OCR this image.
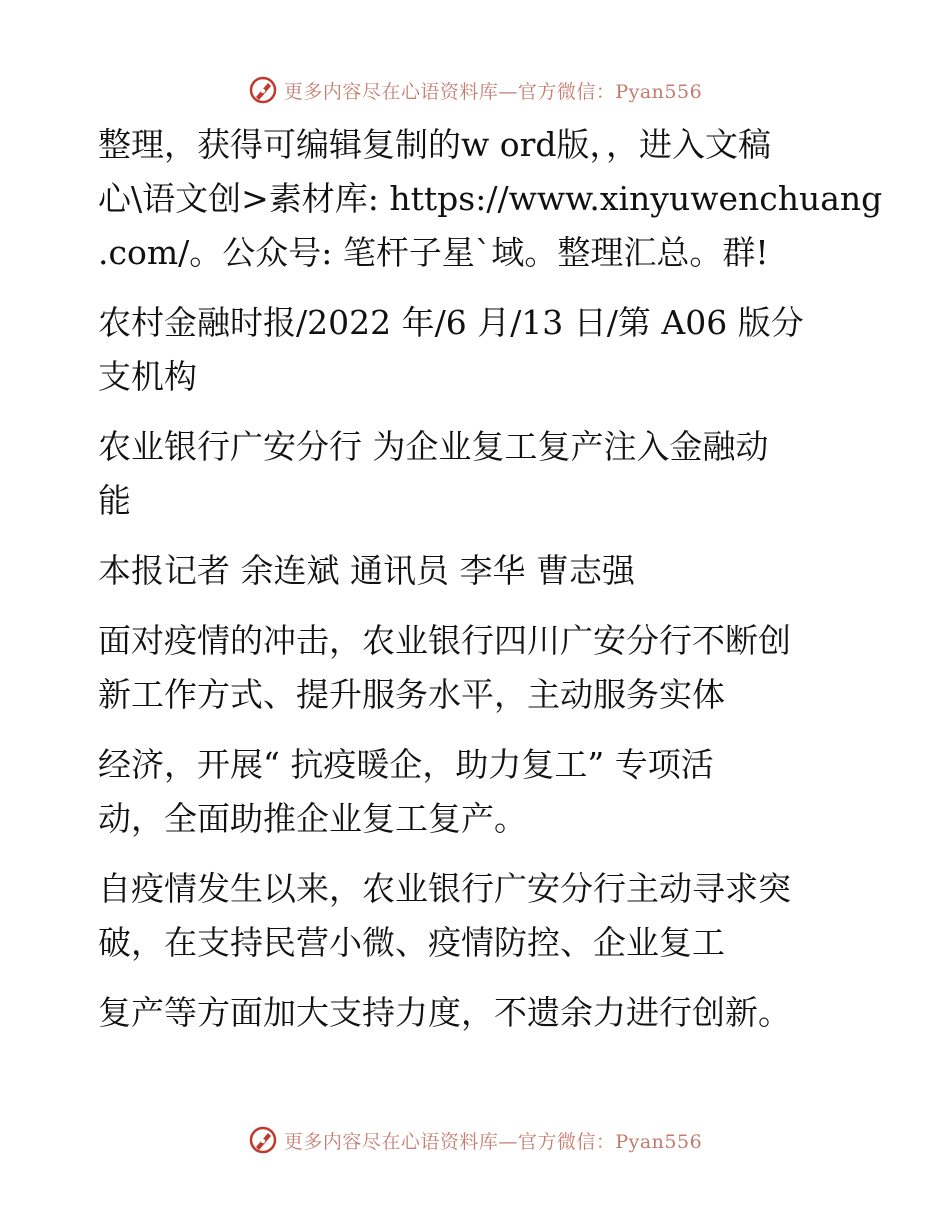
更多内容尽在心语资料库—官方微信：Pyan556
整理，获得可编辑复制的w ord版，，进入文稿
心\语文创>素材库: https://www.xinyuwenchuang
.com/。公众号: 笔杆子星`域。整理汇总。群!
农村金融时报/2022 年/6 月/13 日/第 A06 版分
支机构
农业银行广安分行 为企业复工复产注入金融动
能
本报记者 余连斌 通讯员 李华 曹志强
面对疫情的冲击，农业银行四川广安分行不断创
新工作方式、提升服务水平，主动服务实体
经济，开展“ 抗疫暖企，助力复工” 专项活
动，全面助推企业复工复产。
自疫情发生以来，农业银行广安分行主动寻求突
破，在支持民营小微、疫情防控、企业复工
复产等方面加大支持力度，不遗余力进行创新。
更多内容尽在心语资料库—官方微信：Pyan556
